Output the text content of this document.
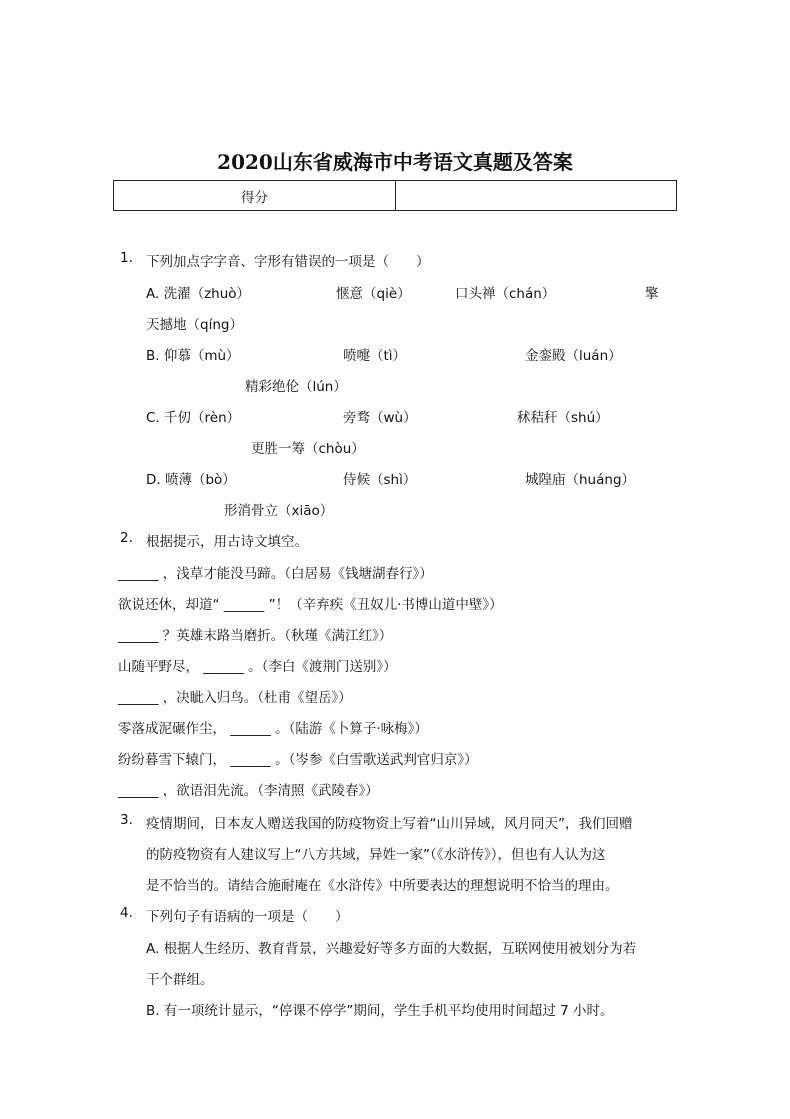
2020山东省威海市中考语文真题及答案
得分	
1. 下列加点字字音、字形有错误的一项是（　　）
A. 洗濯（zhuò）	惬意（qiè）	口头禅（chán）	擎
天撼地（qíng）
B. 仰慕（mù）	喷嚏（tì）	金銮殿（luán）
精彩绝伦（lún）
C. 千仞（rèn）	旁骛（wù）	秫秸秆（shú）
更胜一筹（chòu）
D. 喷薄（bò）	侍候（shì）	城隍庙（huáng）
形消骨立（xiāo）
2. 根据提示，用古诗文填空。
______ ，浅草才能没马蹄。（白居易《钱塘湖春行》）
欲说还休，却道“ ______ ”！（辛弃疾《丑奴儿·书博山道中壁》）
______ ？英雄末路当磨折。（秋瑾《满江红》）
山随平野尽， ______ 。（李白《渡荆门送别》）
______ ，决眦入归鸟。（杜甫《望岳》）
零落成泥碾作尘， ______ 。（陆游《卜算子·咏梅》）
纷纷暮雪下辕门， ______ 。（岑参《白雪歌送武判官归京》）
______ ，欲语泪先流。（李清照《武陵春》）
3. 疫情期间，日本友人赠送我国的防疫物资上写着“山川异域，风月同天”，我们回赠
的防疫物资有人建议写上“八方共域，异姓一家”（《水浒传》），但也有人认为这
是不恰当的。请结合施耐庵在《水浒传》中所要表达的理想说明不恰当的理由。
4. 下列句子有语病的一项是（　　）
A. 根据人生经历、教育背景，兴趣爱好等多方面的大数据，互联网使用被划分为若
干个群组。
B. 有一项统计显示，“停课不停学”期间，学生手机平均使用时间超过 7 小时。
